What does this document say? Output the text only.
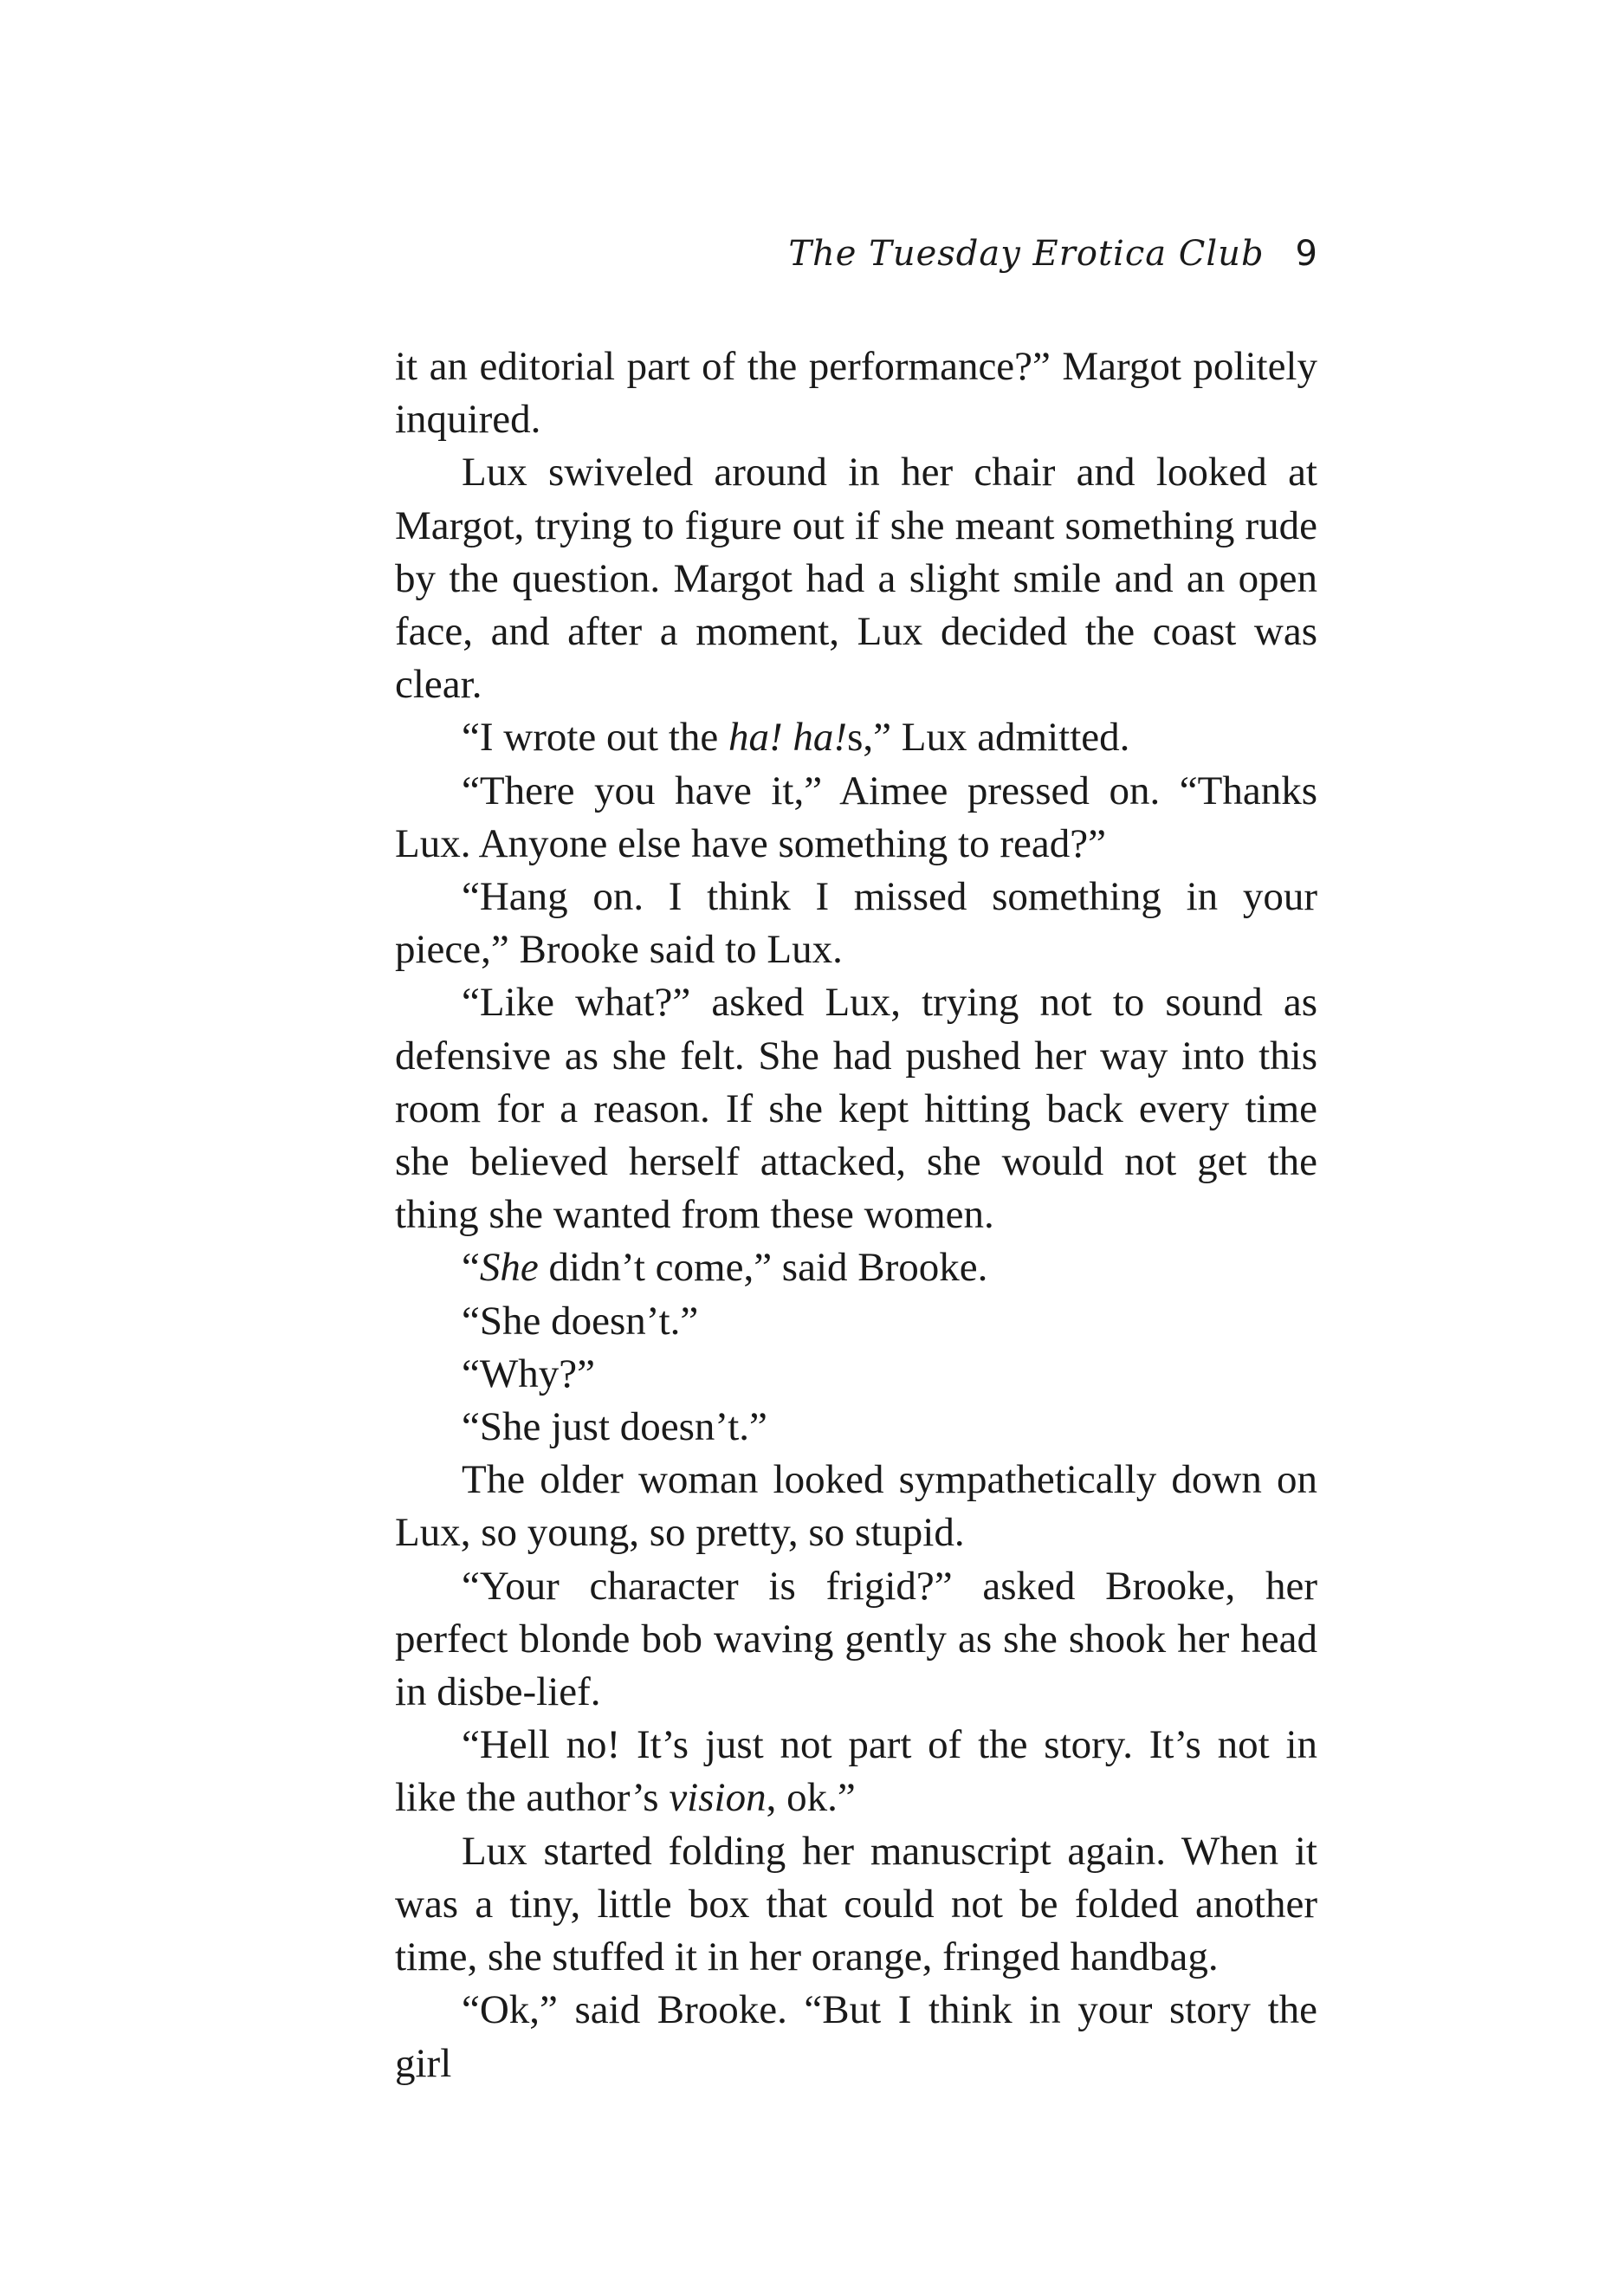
The Tuesday Erotica Club 9

it an editorial part of the performance?” Margot politely inquired.

Lux swiveled around in her chair and looked at Margot, trying to figure out if she meant something rude by the question. Margot had a slight smile and an open face, and after a moment, Lux decided the coast was clear.

“I wrote out the ha! ha!s,” Lux admitted.

“There you have it,” Aimee pressed on. “Thanks Lux. Anyone else have something to read?”

“Hang on. I think I missed something in your piece,” Brooke said to Lux.

“Like what?” asked Lux, trying not to sound as defensive as she felt. She had pushed her way into this room for a reason. If she kept hitting back every time she believed herself attacked, she would not get the thing she wanted from these women.

“She didn’t come,” said Brooke.

“She doesn’t.”

“Why?”

“She just doesn’t.”

The older woman looked sympathetically down on Lux, so young, so pretty, so stupid.

“Your character is frigid?” asked Brooke, her perfect blonde bob waving gently as she shook her head in disbe-lief.

“Hell no! It’s just not part of the story. It’s not in like the author’s vision, ok.”

Lux started folding her manuscript again. When it was a tiny, little box that could not be folded another time, she stuffed it in her orange, fringed handbag.

“Ok,” said Brooke. “But I think in your story the girl
